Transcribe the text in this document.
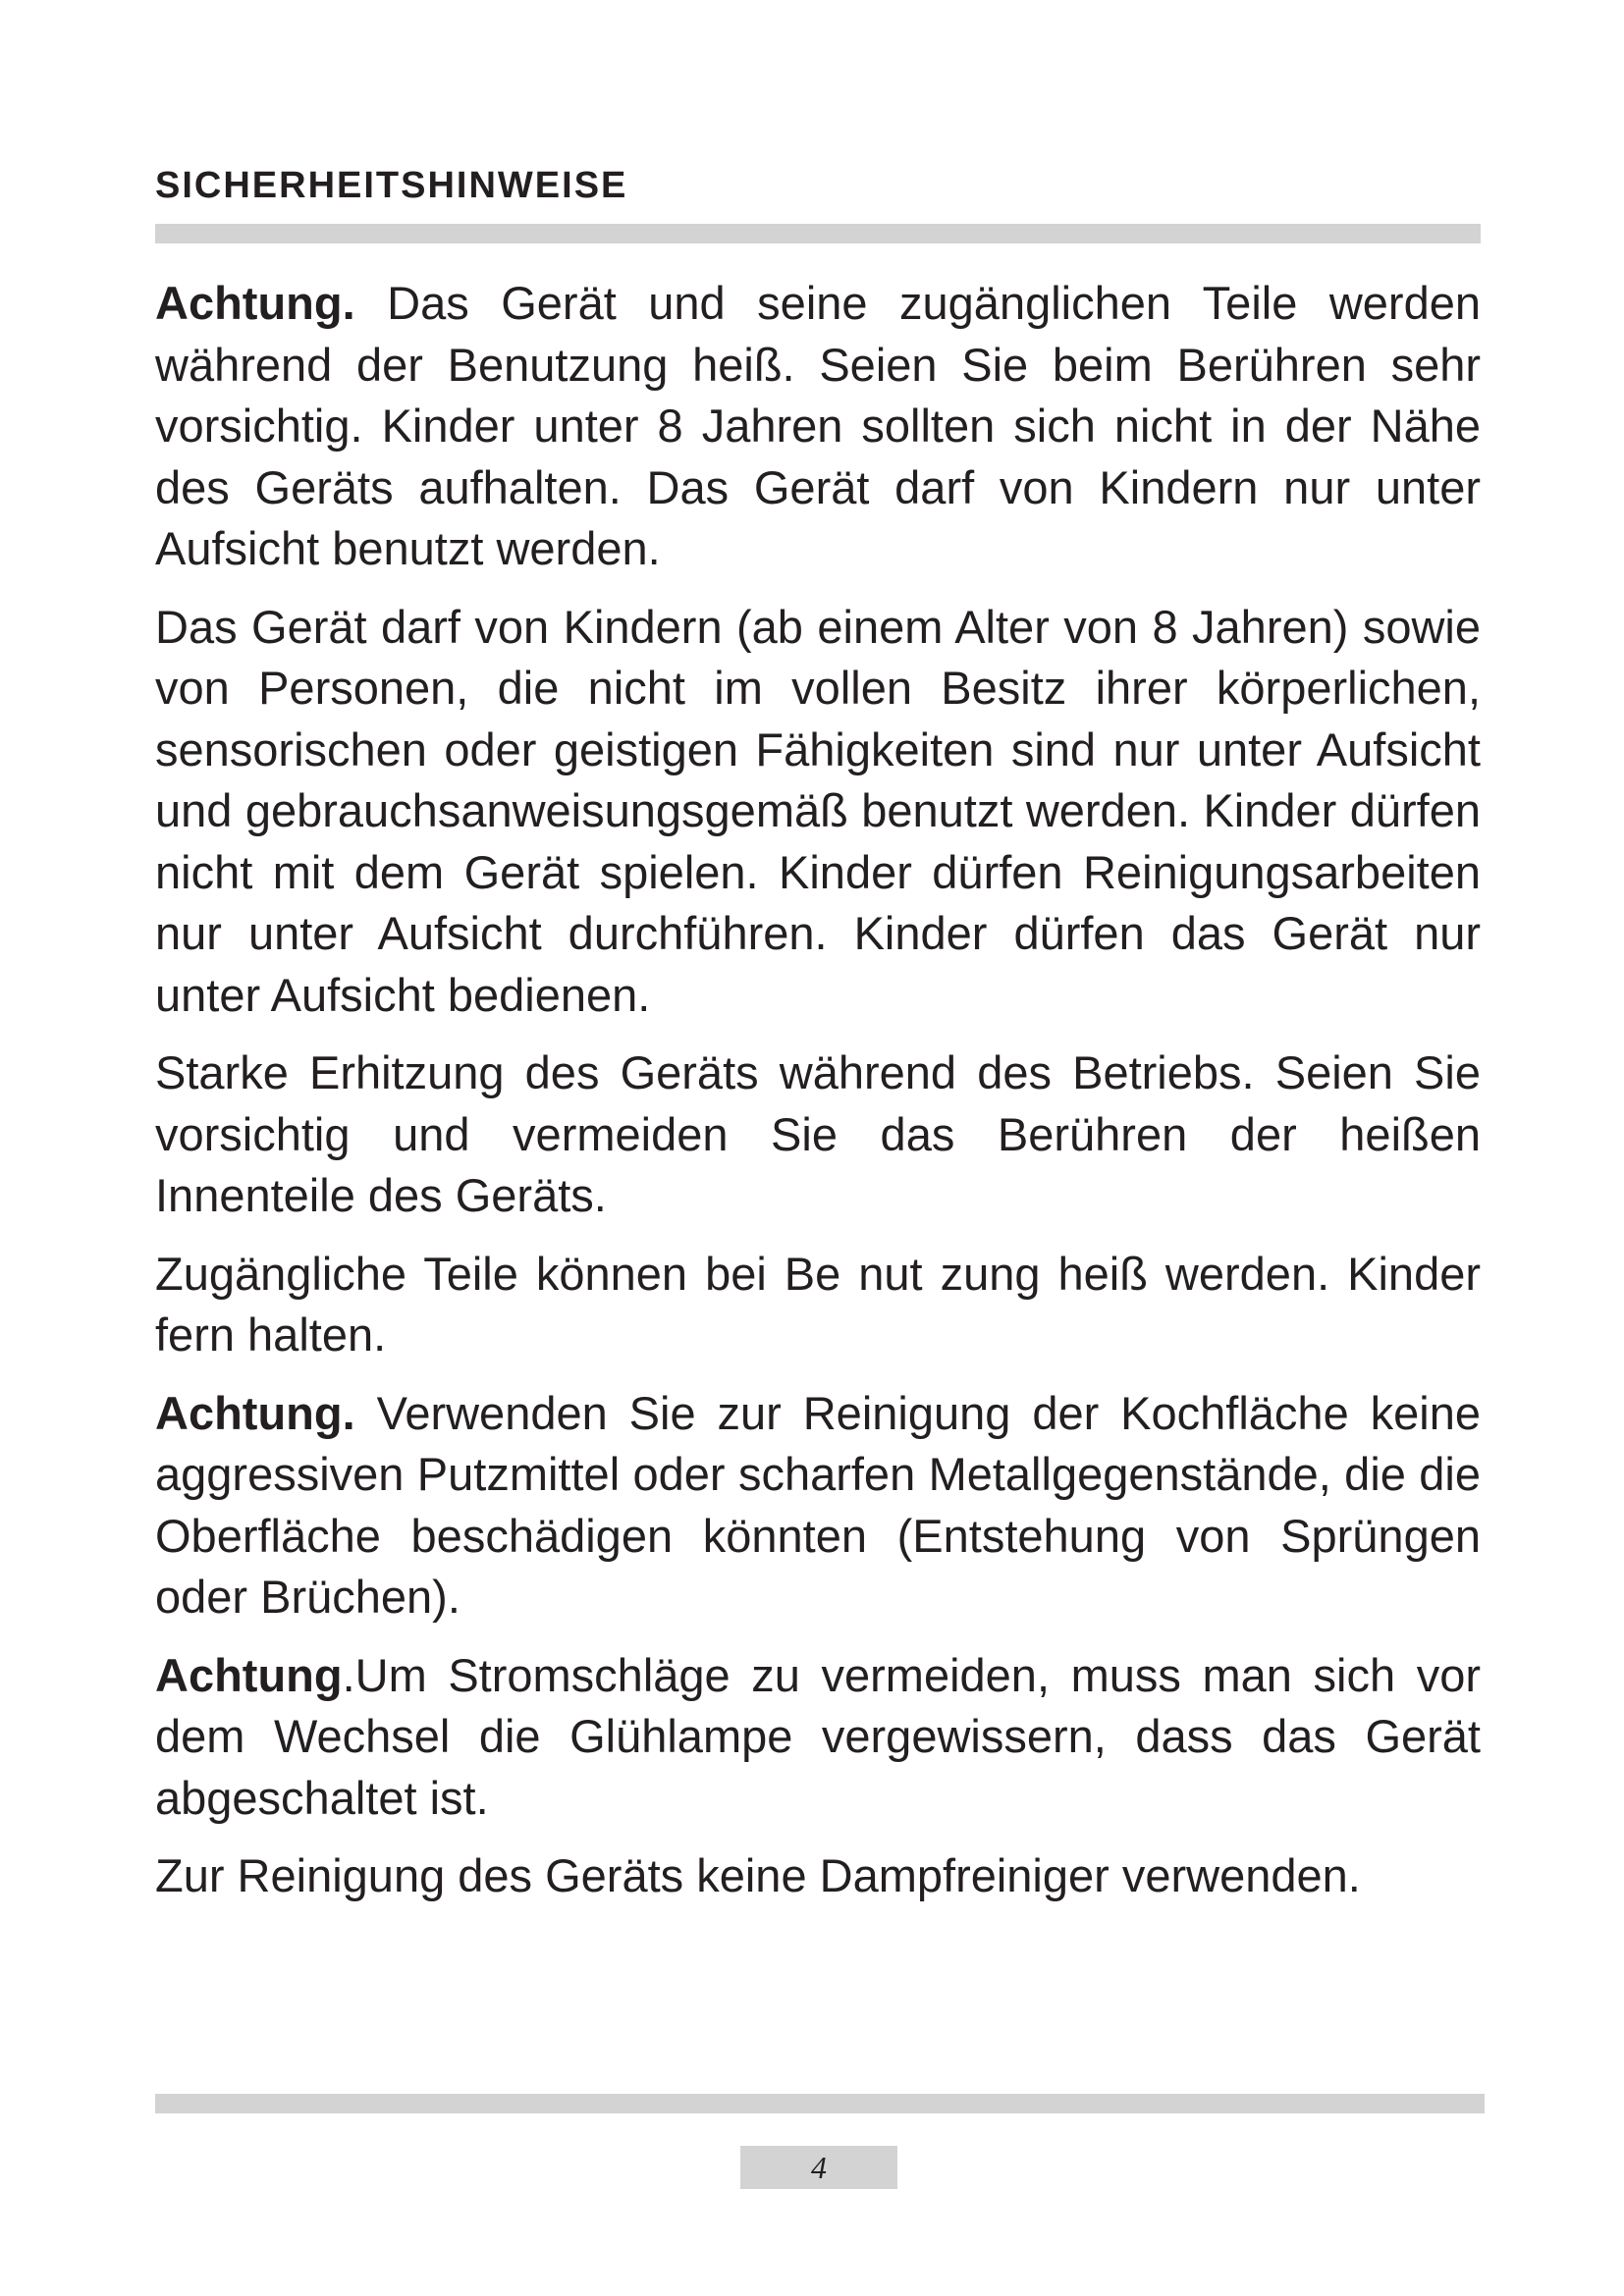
SICHERHEITSHINWEISE

Achtung. Das Gerät und seine zugänglichen Teile werden während der Benutzung heiß. Seien Sie beim Berühren sehr vorsichtig. Kinder unter 8 Jahren sollten sich nicht in der Nähe des Geräts aufhalten. Das Gerät darf von Kindern nur unter Aufsicht benutzt werden.

Das Gerät darf von Kindern (ab einem Alter von 8 Jahren) sowie von Personen, die nicht im vollen Besitz ihrer körperlichen, sensorischen oder geistigen Fähigkeiten sind nur unter Aufsicht und gebrauchsanweisungsgemäß benutzt werden. Kinder dürfen nicht mit dem Gerät spielen. Kinder dürfen Reinigungsarbeiten nur unter Aufsicht durchführen. Kinder dürfen das Gerät nur unter Aufsicht bedienen.

Starke Erhitzung des Geräts während des Betriebs. Seien Sie vorsichtig und vermeiden Sie das Berühren der heißen Innenteile des Geräts.

Zugängliche Teile können bei Be nut zung heiß werden. Kinder fern halten.

Achtung. Verwenden Sie zur Reinigung der Kochfläche keine aggressiven Putzmittel oder scharfen Metallgegenstände, die die Oberfläche beschädigen könnten (Entstehung von Sprüngen oder Brüchen).

Achtung.Um Stromschläge zu vermeiden, muss man sich vor dem Wechsel die Glühlampe vergewissern, dass das Gerät abgeschaltet ist.

Zur Reinigung des Geräts keine Dampfreiniger verwenden.

4
